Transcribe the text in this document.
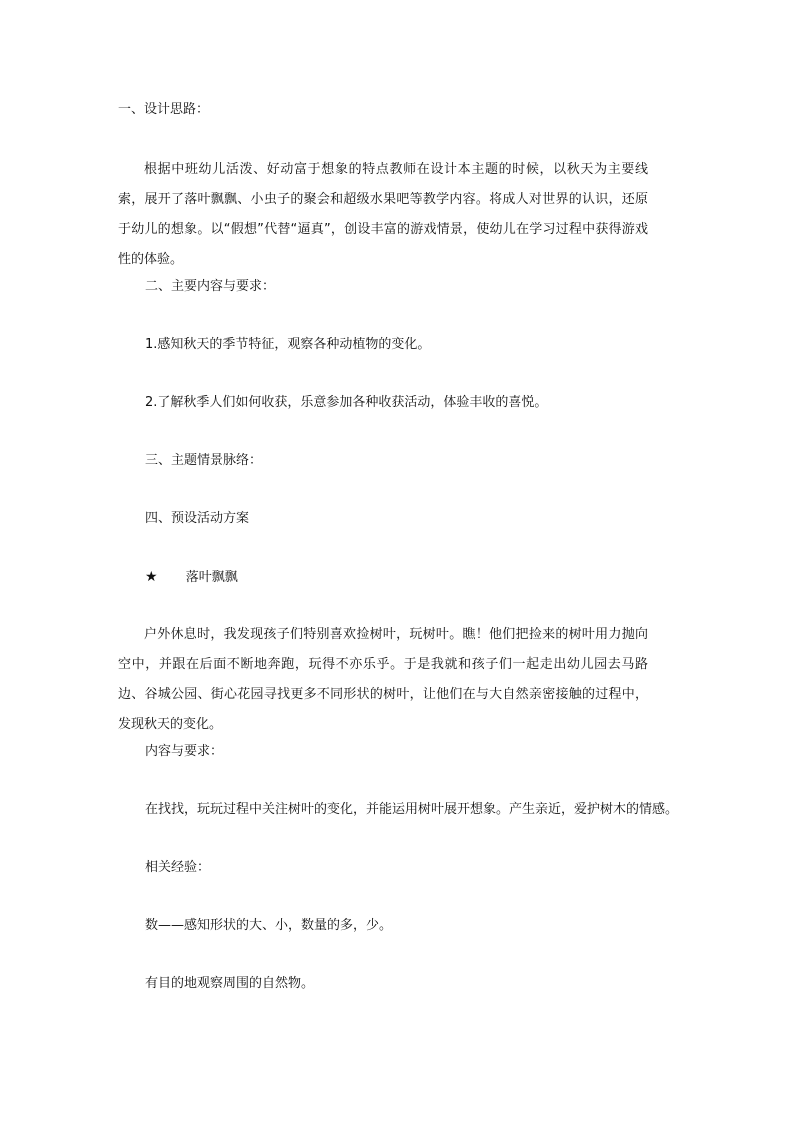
一、设计思路：
根据中班幼儿活泼、好动富于想象的特点教师在设计本主题的时候，以秋天为主要线索，展开了落叶飘飘、小虫子的聚会和超级水果吧等教学内容。将成人对世界的认识，还原于幼儿的想象。以“假想”代替“逼真”，创设丰富的游戏情景，使幼儿在学习过程中获得游戏性的体验。
二、主要内容与要求：
1.感知秋天的季节特征，观察各种动植物的变化。
2.了解秋季人们如何收获，乐意参加各种收获活动，体验丰收的喜悦。
三、主题情景脉络：
四、预设活动方案
★ 落叶飘飘
户外休息时，我发现孩子们特别喜欢捡树叶，玩树叶。瞧！他们把捡来的树叶用力抛向空中，并跟在后面不断地奔跑，玩得不亦乐乎。于是我就和孩子们一起走出幼儿园去马路边、谷城公园、街心花园寻找更多不同形状的树叶，让他们在与大自然亲密接触的过程中，发现秋天的变化。
内容与要求：
在找找，玩玩过程中关注树叶的变化，并能运用树叶展开想象。产生亲近，爱护树木的情感。
相关经验：
数——感知形状的大、小，数量的多，少。
有目的地观察周围的自然物。
